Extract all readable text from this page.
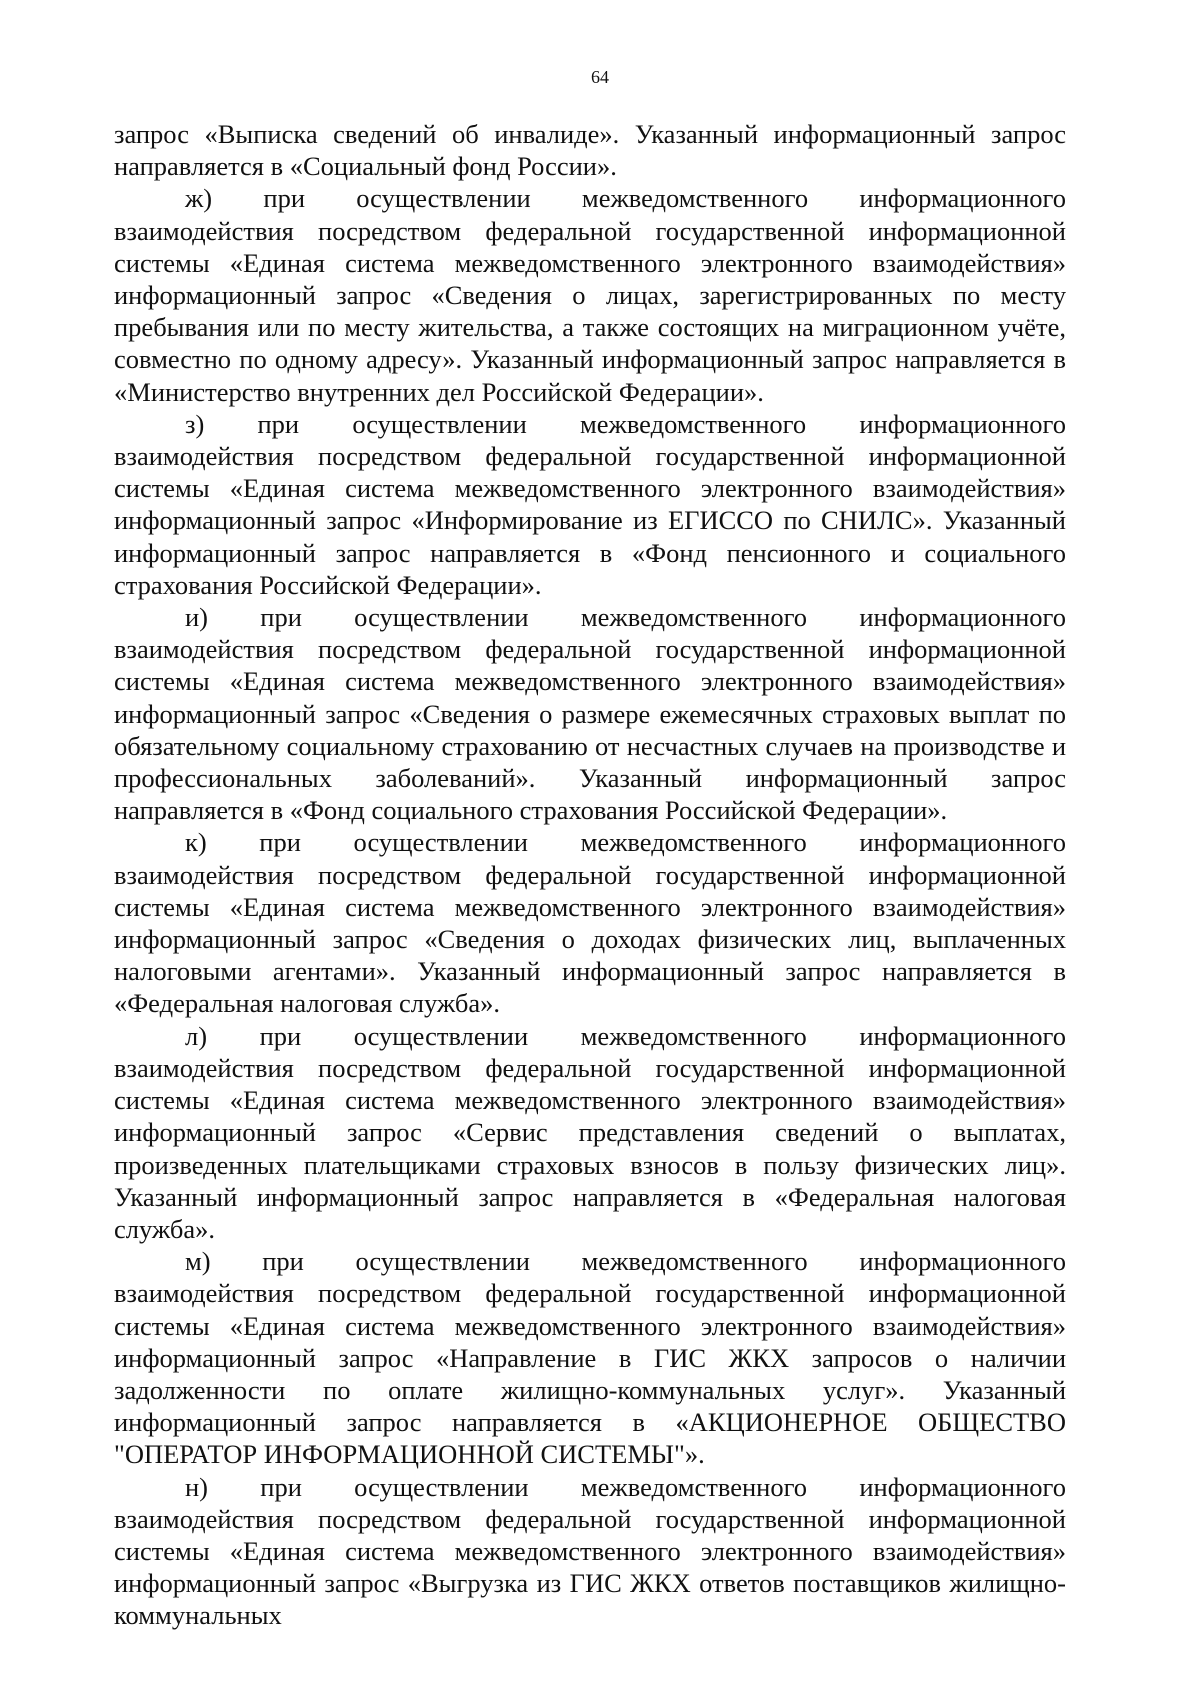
64

запрос «Выписка сведений об инвалиде». Указанный информационный запрос направляется в «Социальный фонд России».

ж) при осуществлении межведомственного информационного взаимодействия посредством федеральной государственной информационной системы «Единая система межведомственного электронного взаимодействия» информационный запрос «Сведения о лицах, зарегистрированных по месту пребывания или по месту жительства, а также состоящих на миграционном учёте, совместно по одному адресу». Указанный информационный запрос направляется в «Министерство внутренних дел Российской Федерации».

з) при осуществлении межведомственного информационного взаимодействия посредством федеральной государственной информационной системы «Единая система межведомственного электронного взаимодействия» информационный запрос «Информирование из ЕГИССО по СНИЛС». Указанный информационный запрос направляется в «Фонд пенсионного и социального страхования Российской Федерации».

и) при осуществлении межведомственного информационного взаимодействия посредством федеральной государственной информационной системы «Единая система межведомственного электронного взаимодействия» информационный запрос «Сведения о размере ежемесячных страховых выплат по обязательному социальному страхованию от несчастных случаев на производстве и профессиональных заболеваний». Указанный информационный запрос направляется в «Фонд социального страхования Российской Федерации».

к) при осуществлении межведомственного информационного взаимодействия посредством федеральной государственной информационной системы «Единая система межведомственного электронного взаимодействия» информационный запрос «Сведения о доходах физических лиц, выплаченных налоговыми агентами». Указанный информационный запрос направляется в «Федеральная налоговая служба».

л) при осуществлении межведомственного информационного взаимодействия посредством федеральной государственной информационной системы «Единая система межведомственного электронного взаимодействия» информационный запрос «Сервис представления сведений о выплатах, произведенных плательщиками страховых взносов в пользу физических лиц». Указанный информационный запрос направляется в «Федеральная налоговая служба».

м) при осуществлении межведомственного информационного взаимодействия посредством федеральной государственной информационной системы «Единая система межведомственного электронного взаимодействия» информационный запрос «Направление в ГИС ЖКХ запросов о наличии задолженности по оплате жилищно-коммунальных услуг». Указанный информационный запрос направляется в «АКЦИОНЕРНОЕ ОБЩЕСТВО "ОПЕРАТОР ИНФОРМАЦИОННОЙ СИСТЕМЫ"».

н) при осуществлении межведомственного информационного взаимодействия посредством федеральной государственной информационной системы «Единая система межведомственного электронного взаимодействия» информационный запрос «Выгрузка из ГИС ЖКХ ответов поставщиков жилищно-коммунальных
